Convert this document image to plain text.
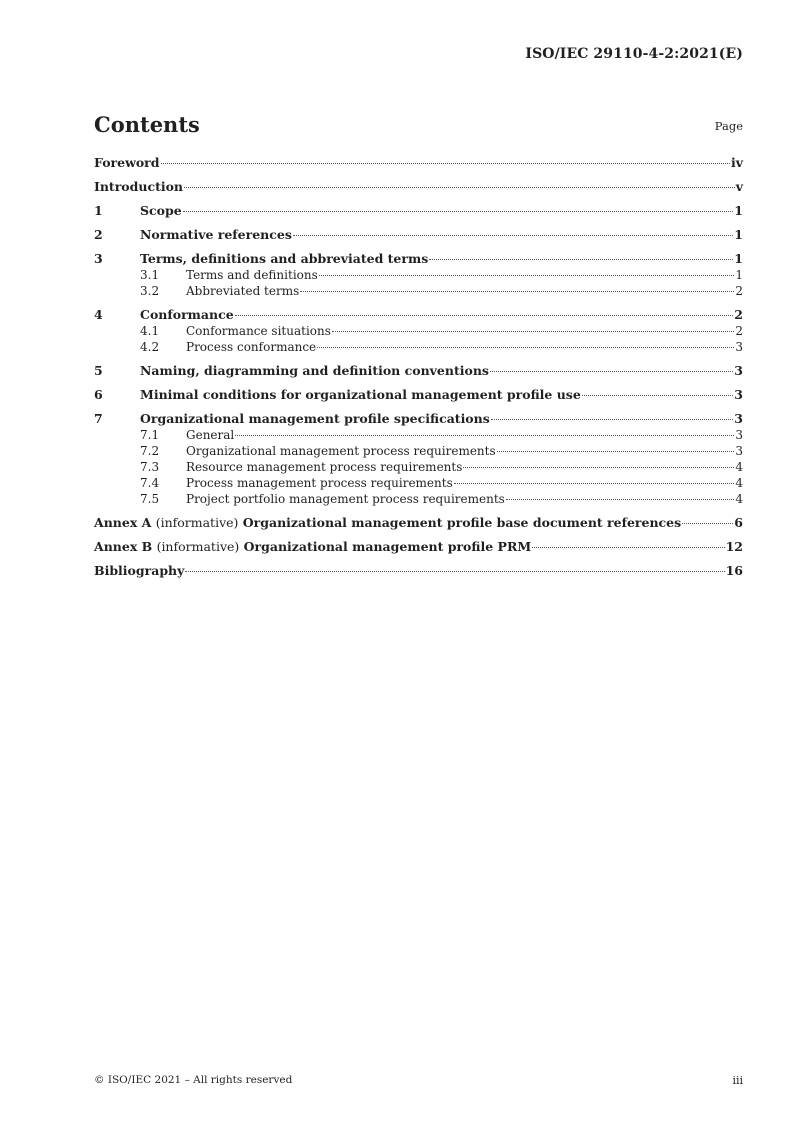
ISO/IEC 29110-4-2:2021(E)
Contents	Page
Foreword	iv
Introduction	v
1	Scope	1
2	Normative references	1
3	Terms, definitions and abbreviated terms	1
3.1	Terms and definitions	1
3.2	Abbreviated terms	2
4	Conformance	2
4.1	Conformance situations	2
4.2	Process conformance	3
5	Naming, diagramming and definition conventions	3
6	Minimal conditions for organizational management profile use	3
7	Organizational management profile specifications	3
7.1	General	3
7.2	Organizational management process requirements	3
7.3	Resource management process requirements	4
7.4	Process management process requirements	4
7.5	Project portfolio management process requirements	4
Annex A (informative) Organizational management profile base document references	6
Annex B (informative) Organizational management profile PRM	12
Bibliography	16
© ISO/IEC 2021 – All rights reserved	iii
